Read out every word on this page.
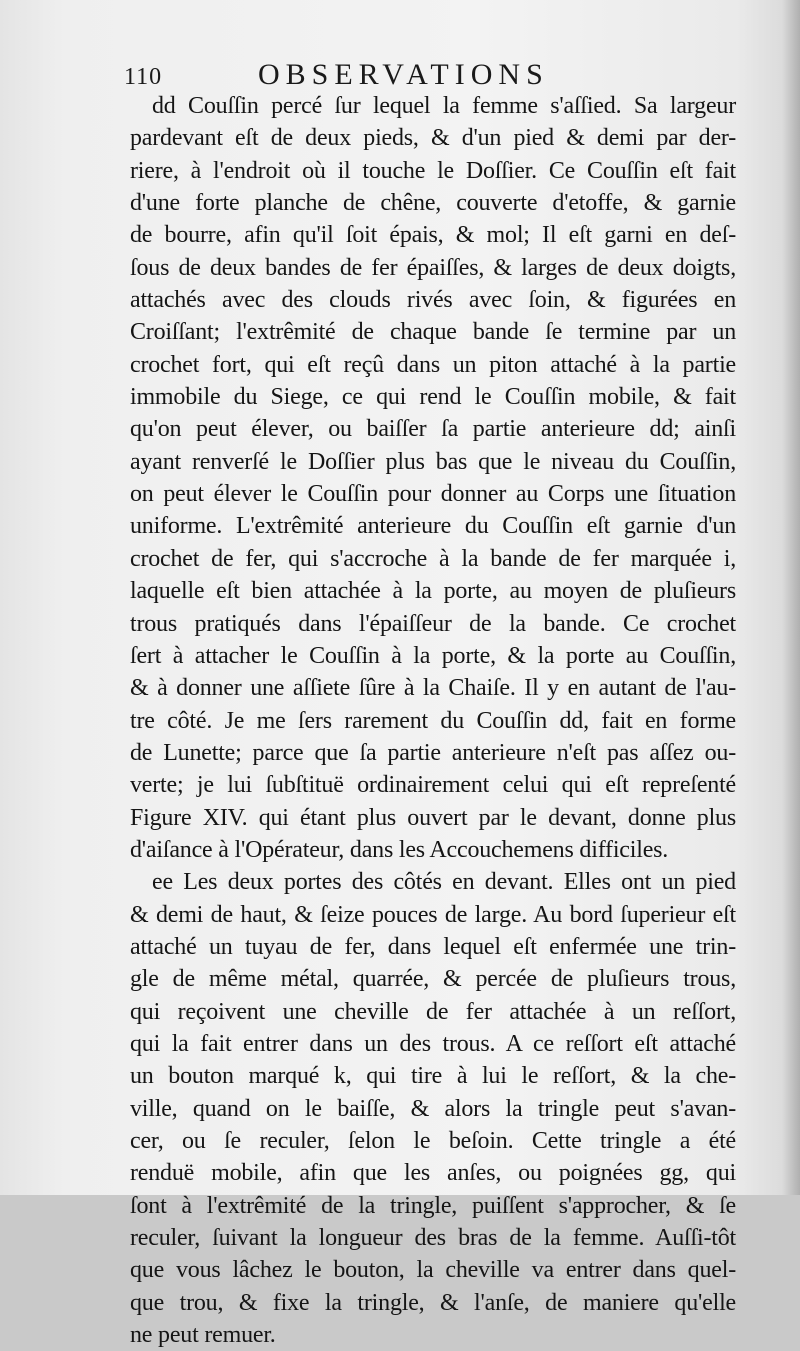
110	OBSERVATIONS
dd Couſſin percé ſur lequel la femme s'aſſied. Sa largeur
pardevant eſt de deux pieds, & d'un pied & demi par der-
riere, à l'endroit où il touche le Doſſier. Ce Couſſin eſt fait
d'une forte planche de chêne, couverte d'etoffe, & garnie
de bourre, afin qu'il ſoit épais, & mol; Il eſt garni en deſ-
ſous de deux bandes de fer épaiſſes, & larges de deux doigts,
attachés avec des clouds rivés avec ſoin, & figurées en
Croiſſant; l'extrêmité de chaque bande ſe termine par un
crochet fort, qui eſt reçû dans un piton attaché à la partie
immobile du Siege, ce qui rend le Couſſin mobile, & fait
qu'on peut élever, ou baiſſer ſa partie anterieure dd; ainſi
ayant renverſé le Doſſier plus bas que le niveau du Couſſin,
on peut élever le Couſſin pour donner au Corps une ſituation
uniforme. L'extrêmité anterieure du Couſſin eſt garnie d'un
crochet de fer, qui s'accroche à la bande de fer marquée i,
laquelle eſt bien attachée à la porte, au moyen de pluſieurs
trous pratiqués dans l'épaiſſeur de la bande. Ce crochet
ſert à attacher le Couſſin à la porte, & la porte au Couſſin,
& à donner une aſſiete ſûre à la Chaiſe. Il y en autant de l'au-
tre côté. Je me ſers rarement du Couſſin dd, fait en forme
de Lunette; parce que ſa partie anterieure n'eſt pas aſſez ou-
verte; je lui ſubſtituë ordinairement celui qui eſt repreſenté
Figure XIV. qui étant plus ouvert par le devant, donne plus
d'aiſance à l'Opérateur, dans les Accouchemens difficiles.
ee Les deux portes des côtés en devant. Elles ont un pied
& demi de haut, & ſeize pouces de large. Au bord ſuperieur eſt
attaché un tuyau de fer, dans lequel eſt enfermée une trin-
gle de même métal, quarrée, & percée de pluſieurs trous,
qui reçoivent une cheville de fer attachée à un reſſort,
qui la fait entrer dans un des trous. A ce reſſort eſt attaché
un bouton marqué k, qui tire à lui le reſſort, & la che-
ville, quand on le baiſſe, & alors la tringle peut s'avan-
cer, ou ſe reculer, ſelon le beſoin. Cette tringle a été
renduë mobile, afin que les anſes, ou poignées gg, qui
ſont à l'extrêmité de la tringle, puiſſent s'approcher, & ſe
reculer, ſuivant la longueur des bras de la femme. Auſſi-tôt
que vous lâchez le bouton, la cheville va entrer dans quel-
que trou, & fixe la tringle, & l'anſe, de maniere qu'elle
ne peut remuer.
